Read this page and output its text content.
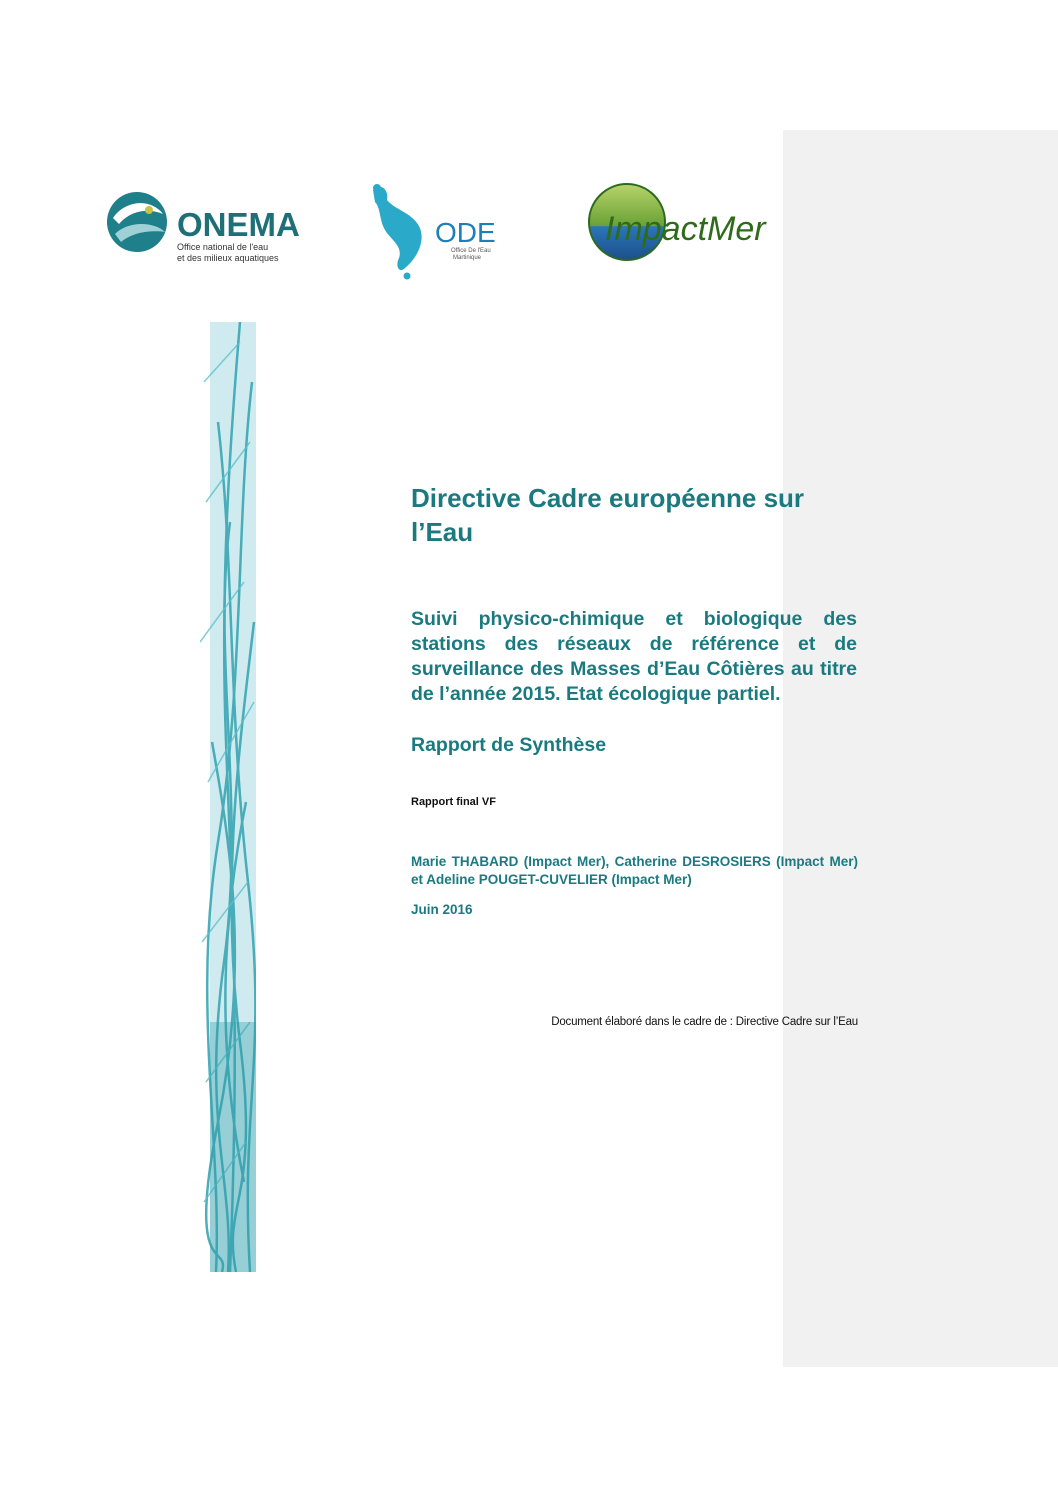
ONEMA
Office national de l'eau
et des milieux aquatiques
ODE
Office De l'Eau
Martinique
ImpactMer
Directive Cadre européenne sur l’Eau

Suivi physico-chimique et biologique des stations des réseaux de référence et de surveillance des Masses d’Eau Côtières au titre de l’année 2015. Etat écologique partiel.

Rapport de Synthèse

Rapport final VF

Marie THABARD (Impact Mer), Catherine DESROSIERS (Impact Mer) et Adeline POUGET-CUVELIER (Impact Mer)

Juin 2016
Document élaboré dans le cadre de : Directive Cadre sur l’Eau
